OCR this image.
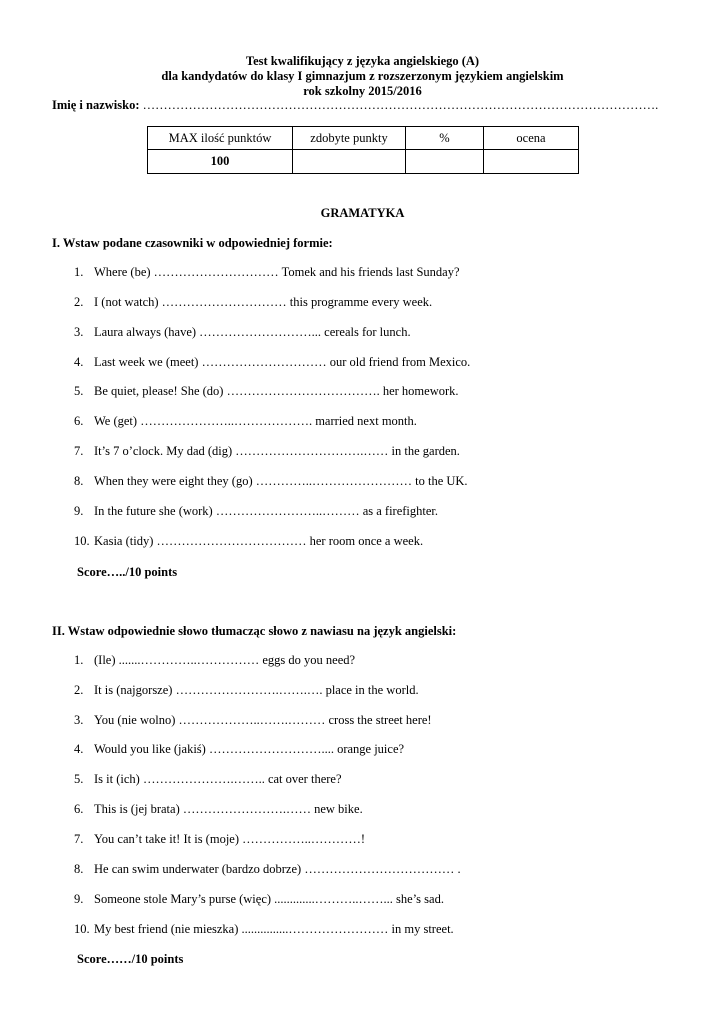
Test kwalifikujący z języka angielskiego (A)
dla kandydatów do klasy I gimnazjum z rozszerzonym językiem angielskim
rok szkolny 2015/2016
Imię i nazwisko: …………………………………………………………………………………………………………….
MAX ilość punktów	zdobyte punkty	%	ocena
100			
GRAMATYKA
I. Wstaw podane czasowniki w odpowiedniej formie:
1. Where (be) ………………………… Tomek and his friends last Sunday?
2. I (not watch) ………………………… this programme every week.
3. Laura always (have) ………………………... cereals for lunch.
4. Last week we (meet) ………………………… our old friend from Mexico.
5. Be quiet, please! She (do) ………………………………. her homework.
6. We (get) …………………..………………. married next month.
7. It’s 7 o’clock. My dad (dig) ………………………….…… in the garden.
8. When they were eight they (go) …………..…………………… to the UK.
9. In the future she (work) ……………………..……… as a firefighter.
10. Kasia (tidy) ……………………………… her room once a week.
Score…../10 points
II. Wstaw odpowiednie słowo tłumacząc słowo z nawiasu na język angielski:
1. (Ile) .......…………..…………… eggs do you need?
2. It is (najgorsze) …………………….…….…. place in the world.
3. You (nie wolno) ………………..…….……… cross the street here!
4. Would you like (jakiś) ……………………….... orange juice?
5. Is it (ich) ………………….…….. cat over there?
6. This is (jej brata) …………………….…… new bike.
7. You can’t take it! It is (moje) ……………..…………!
8. He can swim underwater (bardzo dobrze) ……………………………… .
9. Someone stole Mary’s purse (więc) .............………..……... she’s sad.
10. My best friend (nie mieszka) ...............…………………… in my street.
Score……/10 points
